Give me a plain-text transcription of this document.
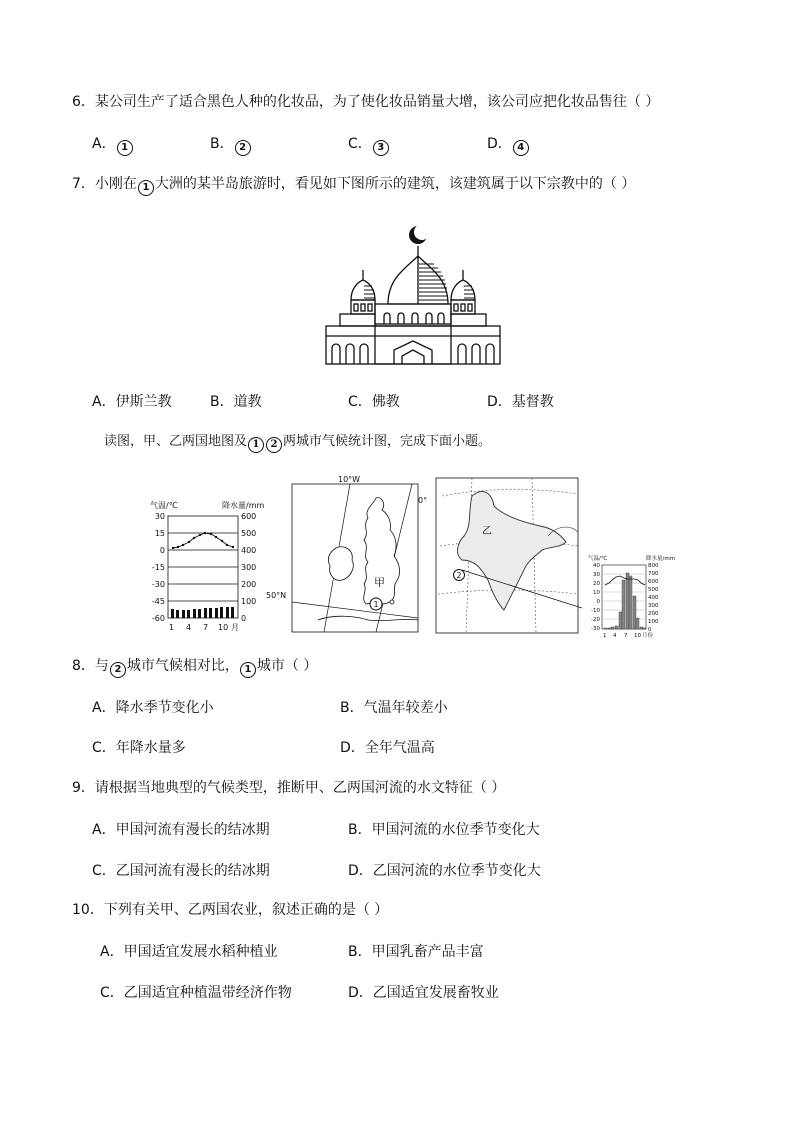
6．某公司生产了适合黑色人种的化妆品，为了使化妆品销量大增，该公司应把化妆品售往（ ）
A． 1	B． 2	C． 3	D． 4
7．小刚在 1 大洲的某半岛旅游时，看见如下图所示的建筑，该建筑属于以下宗教中的（ ）
A．伊斯兰教	B．道教	C．佛教	D．基督教
读图，甲、乙两国地图及 1 2 两城市气候统计图，完成下面小题。
气温/℃	降水量/mm
30
15
0
-15
-30
-45
-60
600
500
400
300
200
100
0
1 4 7 10 月
10°W
0°
50°N
甲
1
乙
2
气温/℃	降水量/mm
40
30
20
10
0
-10
-20
-30
800
700
600
500
400
300
200
100
0
1 4 7 10 月份
8．与 2 城市气候相对比， 1 城市（ ）
A．降水季节变化小	B．气温年较差小
C．年降水量多	D．全年气温高
9．请根据当地典型的气候类型，推断甲、乙两国河流的水文特征（ ）
A．甲国河流有漫长的结冰期	B．甲国河流的水位季节变化大
C．乙国河流有漫长的结冰期	D．乙国河流的水位季节变化大
10．下列有关甲、乙两国农业，叙述正确的是（ ）
A．甲国适宜发展水稻种植业	B．甲国乳畜产品丰富
C．乙国适宜种植温带经济作物	D．乙国适宜发展畜牧业
